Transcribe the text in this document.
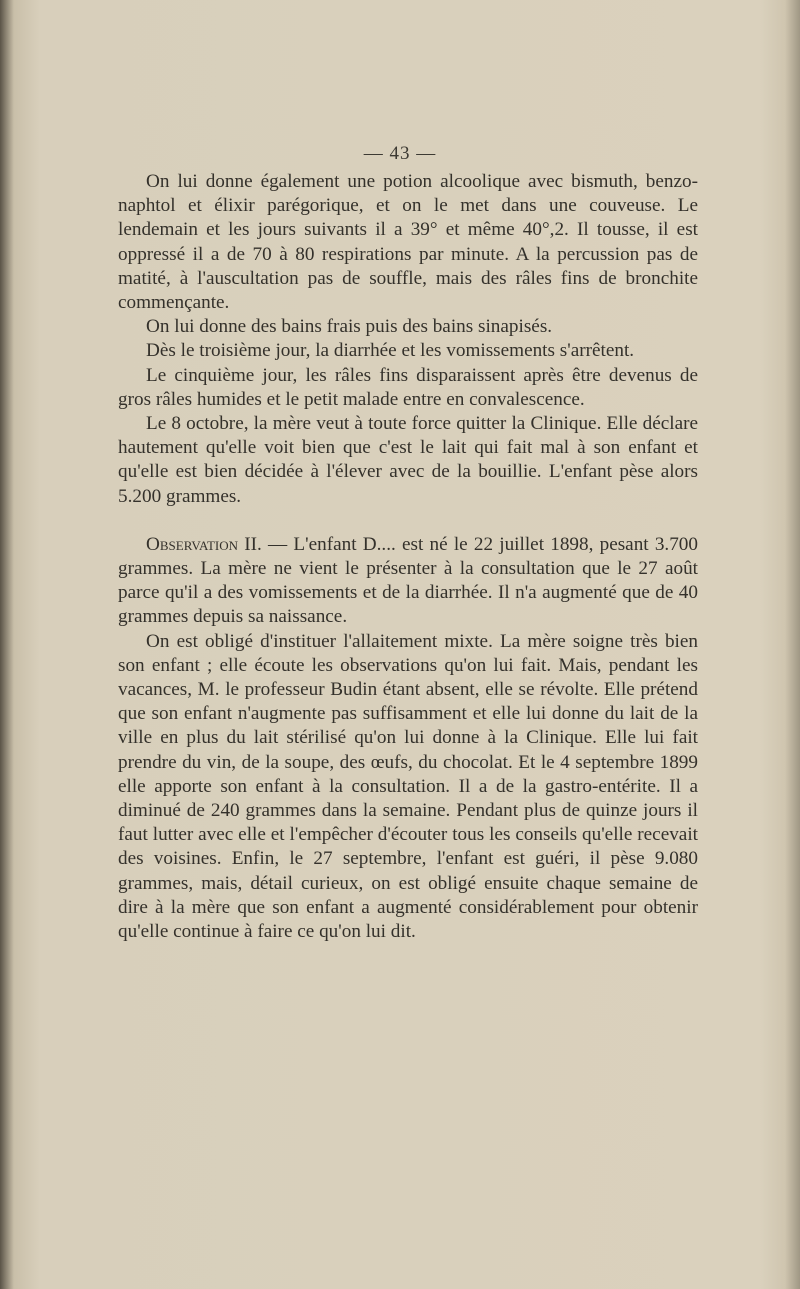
— 43 —

On lui donne également une potion alcoolique avec bismuth, benzo-naphtol et élixir parégorique, et on le met dans une couveuse. Le lendemain et les jours suivants il a 39° et même 40°,2. Il tousse, il est oppressé il a de 70 à 80 respirations par minute. A la percussion pas de matité, à l'auscultation pas de souffle, mais des râles fins de bronchite commençante.

On lui donne des bains frais puis des bains sinapisés.

Dès le troisième jour, la diarrhée et les vomissements s'arrêtent.

Le cinquième jour, les râles fins disparaissent après être devenus de gros râles humides et le petit malade entre en convalescence.

Le 8 octobre, la mère veut à toute force quitter la Clinique. Elle déclare hautement qu'elle voit bien que c'est le lait qui fait mal à son enfant et qu'elle est bien décidée à l'élever avec de la bouillie. L'enfant pèse alors 5.200 grammes.

Observation II. — L'enfant D.... est né le 22 juillet 1898, pesant 3.700 grammes. La mère ne vient le présenter à la consultation que le 27 août parce qu'il a des vomissements et de la diarrhée. Il n'a augmenté que de 40 grammes depuis sa naissance.

On est obligé d'instituer l'allaitement mixte. La mère soigne très bien son enfant ; elle écoute les observations qu'on lui fait. Mais, pendant les vacances, M. le professeur Budin étant absent, elle se révolte. Elle prétend que son enfant n'augmente pas suffisamment et elle lui donne du lait de la ville en plus du lait stérilisé qu'on lui donne à la Clinique. Elle lui fait prendre du vin, de la soupe, des œufs, du chocolat. Et le 4 septembre 1899 elle apporte son enfant à la consultation. Il a de la gastro-entérite. Il a diminué de 240 grammes dans la semaine. Pendant plus de quinze jours il faut lutter avec elle et l'empêcher d'écouter tous les conseils qu'elle recevait des voisines. Enfin, le 27 septembre, l'enfant est guéri, il pèse 9.080 grammes, mais, détail curieux, on est obligé ensuite chaque semaine de dire à la mère que son enfant a augmenté considérablement pour obtenir qu'elle continue à faire ce qu'on lui dit.
